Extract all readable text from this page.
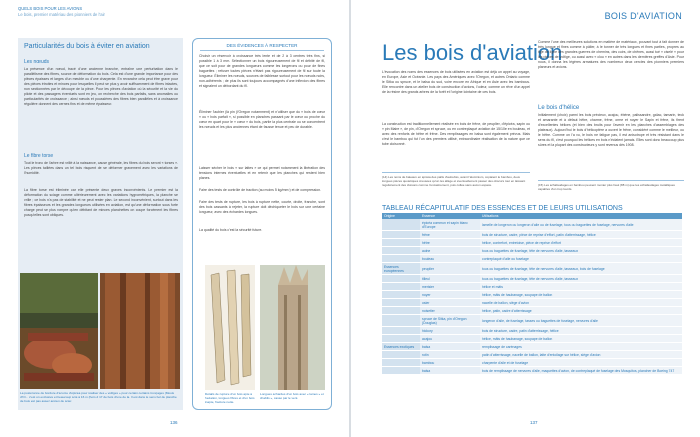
QUELS BOIS POUR LES AVIONS
Le bois, premier matériau des pionniers de l'air
Particularités du bois à éviter en aviation
Les nœuds
La présence d'un nœud, tracé d'une ancienne branche, entraîne une perturbation dans le parallélisme des fibres, source de déformation du bois. Cela est d'une grande importance pour des pièces épaisses et larges d'un meuble ou d'une charpente. En revanche cela peut être grave pour des pièces étroites et minces pour lesquelles il peut se plus y avoir suffisamment de fibres intactes, non sectionnées par le découpe de la pièce. Pour les pièces d'aviation où la sécurité et la vie du pilote et des passagers éventuels sont en jeu, on recherche des bois parfaits, sans anomalies ou particularités de croissance ; ainsi nœuds et poussières des fibres bien parallèles et à croissance régulière donnent des cernes fins et de même épaisseur.
Le fibre torse
Tout le tronc de l'arbre est vrillé à la naissance, cause générale, les fibres du bois seront « torses ». Les pièces taillées dans un tel bois risquent de se déformer gravement avec les variations de l'humidité.
La fibre torse est éliminée car elle présente deux graves inconvénients. Le premier est la déformation du sciage comme ultérieurement avec les variations hygrométriques, la planche se vrille ; ce bois n'a pas de stabilité et ne peut rester plan. Le second inconvénient, surtout dans les fibres épaisseurs et les grandes longueurs utilisées en aviation, est qu'une déformation sous forte charge peut se plus rompre qu'en débitant de minces planchettes on coupe forcément les fibres pusqu'elles sont obliques.
La postéronne de bordure d'écorce d'épicéa pour réaliser des « voiliges » pour certain certains tronçages (Mouis d'Or... c'est un exclusive et beaucoup scié à 16 m (hors d 17 de bois d'une de la. Il est dans le sens bol de planche de bois est pas assez ancien de scier.
DES ÉVIDENCES À RESPECTER
Choisir un réservoir à croissance très lente et de 2 à 3 centres très fins, si possible 1 à 3 mm. Sélectionner un bois rigoureusement de fil et débité de fil, que ce soit pour de grandes longueurs comme les longerons ou pour de fines baguettes ; refuser toutes pièces n'étant pas rigoureusement de fil sur toute la longueur. Éliminer les nœuds, sources de faiblesse surtout pour les nœuds noirs, non-adhérents ; de plus ils sont toujours accompagnés d'une inflexion des fibres et signalent un débordant du fil.
Éliminer l'aubier (là pin (l'Oregon notamment) et n'utiliser que du « bois de cœur » ou « bois parfait », si possible en planches passant par le cœur ou proche du cœur en quart pour le « cœur » du bois, partie la plus centrale ou se concentrent les nœuds et les plus anciennes étant de fausse tenue et peu de durable.
Laisser sécher le bois « sur lattes » ce qui permet notamment la libération des tensions internes éventuelles et en retenir que les planches qui restent bien planes.
Faire des tests de contrôle de traction (au moins 5 kg/mm²) et de compression.
Faire des tests de rupture, les bois à rupture nette, courte, droite, franche, sont des bois cassants à rejeter, la rupture doit déchiqueter le bois sur une certaine longueur, avec des échardes longues.
La qualité du bois c'est la sécurité future.
Détails de rupture d'un bois apte à l'aviation, longues fibres et d'un bois inapte, fracture nette.
Longues échardes d'un bois avec « lames » et chablis », cassé par le vent.
136
BOIS D'AVIATION
Les bois d'aviation
L'évocation des noms des essences de bois utilisées en aviation est déjà un appel au voyage, en Europe, Asie et Océanie. Les pays des Amériques avec l'Oregon, et autres Ontario comme le Sitka ou spruce, et le balsa du sud, voire encore en Afrique et en Asie avec les bambous. Elle rencontre dans un atelier bois de construction d'avions, l'odeur, comme un rêve d'un appel de la résine des grands arbres de la forêt et l'origine lointaine de ces bois.
La construction est traditionnellement réalisée en bois de frêne, de peuplier, d'épicéa, sapin ou « pin Maire », de pin, d'Oregon et spruce, ou en contreplaqué aviation de 15/10e en bouleau, et avec des renforts de hêtre et frêne. Des remplissages en balsa sont également prévus. Mais c'est le bambou qui fut l'un des premiers utilisé, extraordinaire réalisation de la nature que ce tube cloisonné.
(14) Les noms de bateaux en épicéa des pailis d'autrefois, avant l'aluminium, copiaient le bambou, deux longues pièces quoteliques creusées qu'un les allège et éventuellement passer des obscurs tout en laissant régulièrement des cloisons comme l'encastrement, puis collée sans aucun espace.
Comme l'une des meilleures solutions en matière de matériaux, pouvant tout à fait donner de très longue et fines comme à pâlier, à le tonner de très longues et fines parties, propres au tige de ligne des grandes guerres de chemins, des cuirs, de chênes, aussi tué « ciselé » pour les pièces de voltige, ou aussi avec « clou » en autres dans les dernières greffes d'Asie. Pour nous, il donna les légères armatures des nombreux deux cercles des pionniers premiers planeurs et avions.
Le bois d'hélice
Initialement (choix) parmi les bois précieux, acajou, ébène, palissandre, gaïac, tamarin, teck et amarante et à défaut hêtre, charme, frêne, orme et noyer le Sapin et frêne, ils firent d'excellentes hélices (et bien des bruits pour l'avenir en les planches d'assemblages des plateaux). Aujourd'hui le bois d'hélicoptère a ouvert le frêne, considéré comme le meilleur, ou le hêtre. Comme on l'a vu, le bois ne fatigue pas, il est anisotrope et très résistant dans le sens du fil, c'est pourquoi les hélices en bois n'éclatent jamais. Elles sont donc beaucoup plus sûres et la plupart des constructeurs y sont revenus dès 1908.
(15) Les échafaudages en bambou peuvent monter plus haut (88 m) que les échafaudages métalliques capables d'un trop lourds.
TABLEAU RÉCAPITULATIF DES ESSENCES ET DE LEURS UTILISATIONS
Origine	Essence	Utilisations
	épicéa commun et sapin blanc d'Europe	lamelle de longeron ou longeron d'aile ou de fuselage, tous ou baguettes de fuselage, nervures d'aile
	frêne	bois de structure, cadre, pièce de reprise d'effort, patin d'atterrissage, hélice
	hêtre	hélice, contrefort, entretoise, pièce de reprise d'effort
	aulne	tous ou baguettes de fuselage, tête de nervures d'aile, tasseaux
	bouleau	contreplaqué d'aile ou fuselage
Essences européennes	peuplier	tous ou baguettes de fuselage, tête de nervures d'aile, tasseaux, bois de fuselage
	tilleul	tous ou baguettes de fuselage, tête de nervures d'aile, tasseaux
	merisier	hélice et mâts
	noyer	hélice, mâts de haubanage, soupape de ballon
	osier	nacelle de ballon, siège d'avion
	noisetier	hélice, patin, cadre d'atterrissage
	spruce de Sitka, pin d'Oregon (Douglas)	longeron d'aile, de fuselage, tasses ou baguettes de fuselage, nervures d'aile
	hickory	bois de structure, cadre, patin d'atterrissage, hélice
	acajou	hélice, mâts de haubanage, soupape de ballon
Essences exotiques	balsa	remplissage de carénages
	rotin	patin d'atterrissage, nacelle de ballon, latte d'entoilage sur hélice, siège d'avion
	bambou	charpente d'aile et de fuselage
	balsa	bois de remplissage de nervures d'aile, maquettes d'avion, de contreplaqué de fuselage des Mosquitos, plancher de Boeing 747
137
